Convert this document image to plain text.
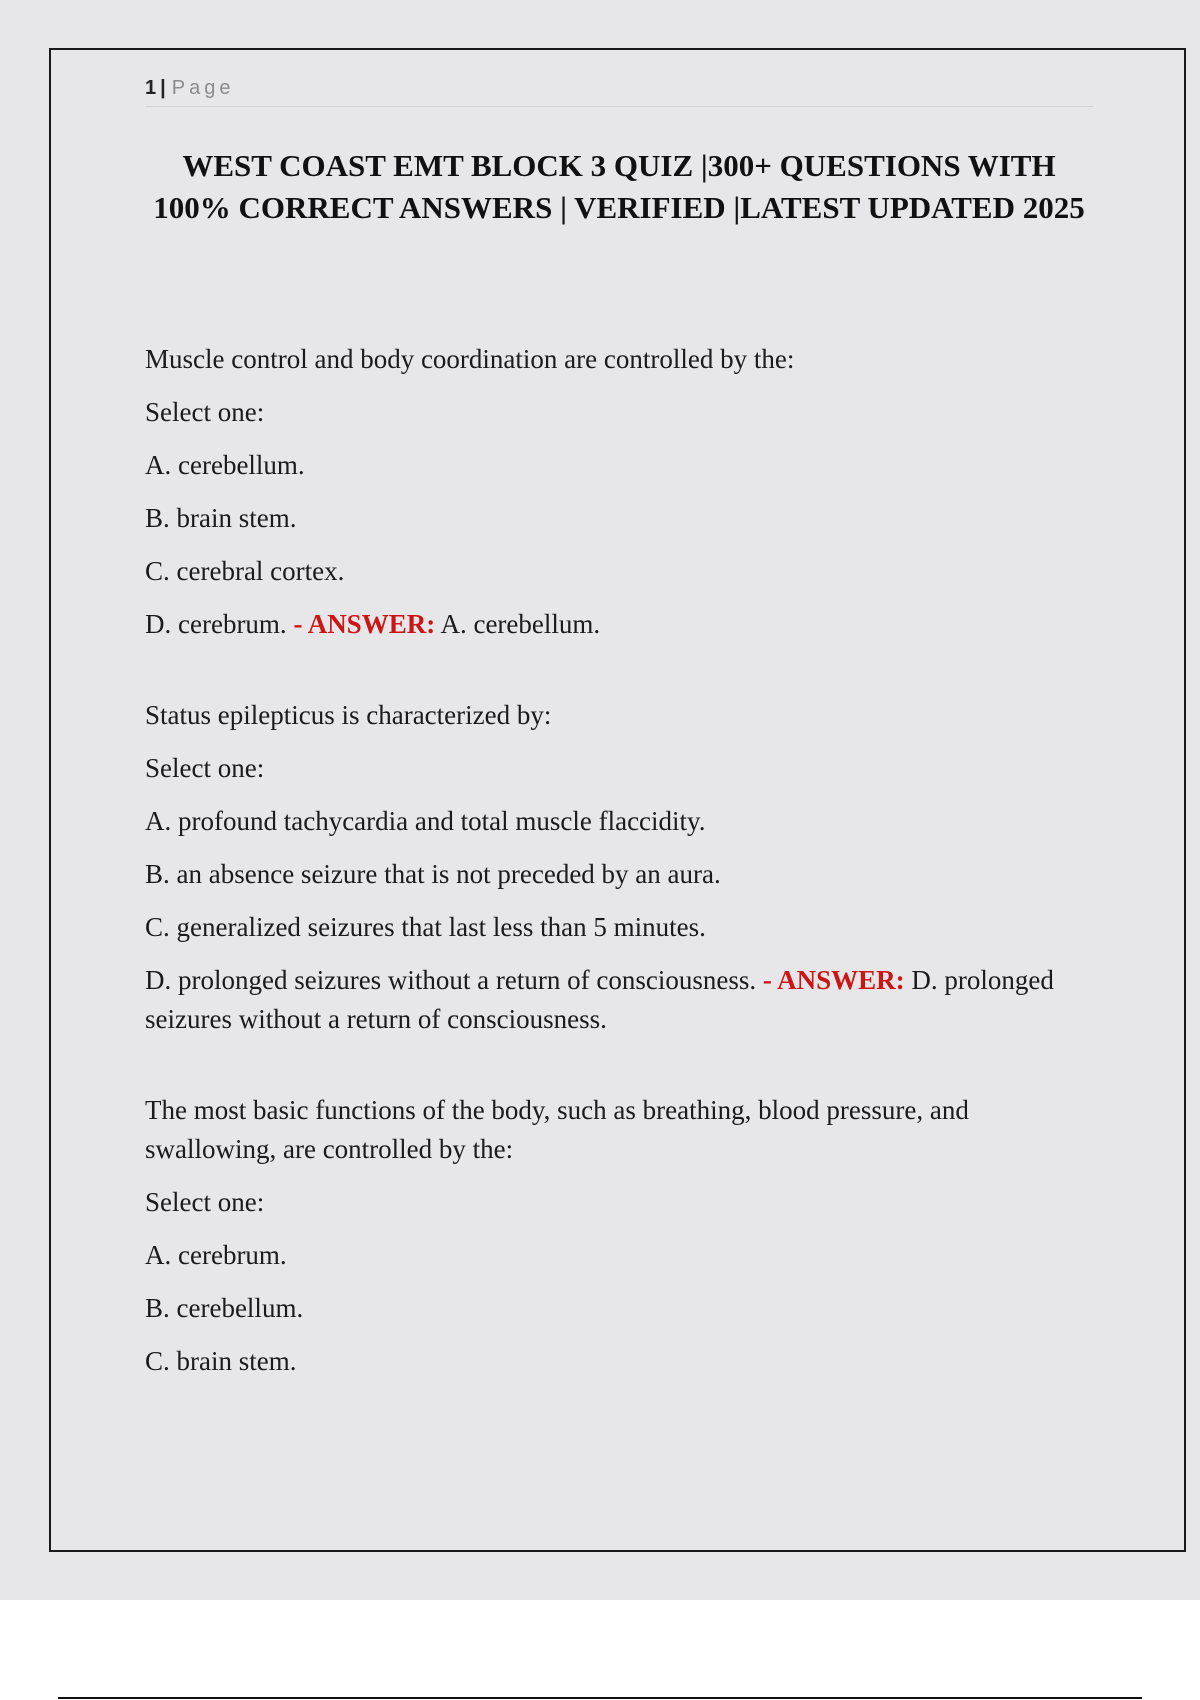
1 | Page
WEST COAST EMT BLOCK 3 QUIZ |300+ QUESTIONS WITH 100% CORRECT ANSWERS | VERIFIED |LATEST UPDATED 2025

Muscle control and body coordination are controlled by the:

Select one:

A. cerebellum.

B. brain stem.

C. cerebral cortex.

D. cerebrum. - ANSWER: A. cerebellum.

Status epilepticus is characterized by:

Select one:

A. profound tachycardia and total muscle flaccidity.

B. an absence seizure that is not preceded by an aura.

C. generalized seizures that last less than 5 minutes.

D. prolonged seizures without a return of consciousness. - ANSWER: D. prolonged seizures without a return of consciousness.

The most basic functions of the body, such as breathing, blood pressure, and swallowing, are controlled by the:

Select one:

A. cerebrum.

B. cerebellum.

C. brain stem.
